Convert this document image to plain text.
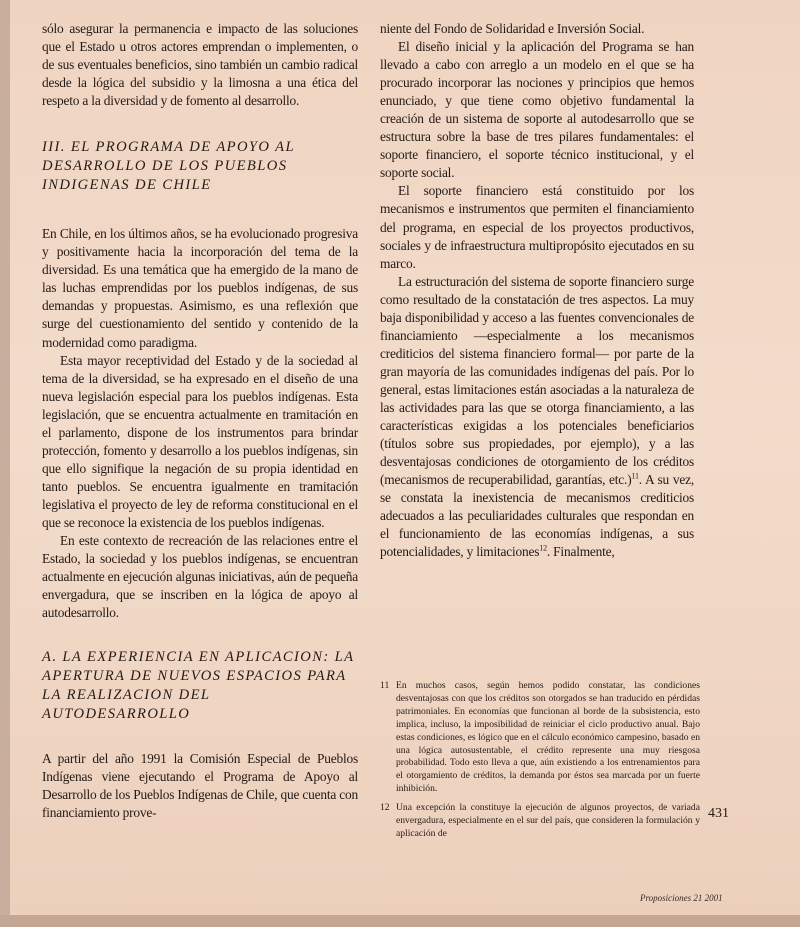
sólo asegurar la permanencia e impacto de las soluciones que el Estado u otros actores emprendan o implementen, o de sus eventuales beneficios, sino también un cambio radical desde la lógica del subsidio y la limosna a una ética del respeto a la diversidad y de fomento al desarrollo.

III. EL PROGRAMA DE APOYO AL DESARROLLO DE LOS PUEBLOS INDIGENAS DE CHILE

En Chile, en los últimos años, se ha evolucionado progresiva y positivamente hacia la incorporación del tema de la diversidad. Es una temática que ha emergido de la mano de las luchas emprendidas por los pueblos indígenas, de sus demandas y propuestas. Asimismo, es una reflexión que surge del cuestionamiento del sentido y contenido de la modernidad como paradigma.

Esta mayor receptividad del Estado y de la sociedad al tema de la diversidad, se ha expresado en el diseño de una nueva legislación especial para los pueblos indígenas. Esta legislación, que se encuentra actualmente en tramitación en el parlamento, dispone de los instrumentos para brindar protección, fomento y desarrollo a los pueblos indígenas, sin que ello signifique la negación de su propia identidad en tanto pueblos. Se encuentra igualmente en tramitación legislativa el proyecto de ley de reforma constitucional en el que se reconoce la existencia de los pueblos indígenas.

En este contexto de recreación de las relaciones entre el Estado, la sociedad y los pueblos indígenas, se encuentran actualmente en ejecución algunas iniciativas, aún de pequeña envergadura, que se inscriben en la lógica de apoyo al autodesarrollo.

A. LA EXPERIENCIA EN APLICACION: LA APERTURA DE NUEVOS ESPACIOS PARA LA REALIZACION DEL AUTODESARROLLO

A partir del año 1991 la Comisión Especial de Pueblos Indígenas viene ejecutando el Programa de Apoyo al Desarrollo de los Pueblos Indígenas de Chile, que cuenta con financiamiento prove-

niente del Fondo de Solidaridad e Inversión Social.

El diseño inicial y la aplicación del Programa se han llevado a cabo con arreglo a un modelo en el que se ha procurado incorporar las nociones y principios que hemos enunciado, y que tiene como objetivo fundamental la creación de un sistema de soporte al autodesarrollo que se estructura sobre la base de tres pilares fundamentales: el soporte financiero, el soporte técnico institucional, y el soporte social.

El soporte financiero está constituido por los mecanismos e instrumentos que permiten el financiamiento del programa, en especial de los proyectos productivos, sociales y de infraestructura multipropósito ejecutados en su marco.

La estructuración del sistema de soporte financiero surge como resultado de la constatación de tres aspectos. La muy baja disponibilidad y acceso a las fuentes convencionales de financiamiento —especialmente a los mecanismos crediticios del sistema financiero formal— por parte de la gran mayoría de las comunidades indígenas del país. Por lo general, estas limitaciones están asociadas a la naturaleza de las actividades para las que se otorga financiamiento, a las características exigidas a los potenciales beneficiarios (títulos sobre sus propiedades, por ejemplo), y a las desventajosas condiciones de otorgamiento de los créditos (mecanismos de recuperabilidad, garantías, etc.)$^{11}$. A su vez, se constata la inexistencia de mecanismos crediticios adecuados a las peculiaridades culturales que respondan en el funcionamiento de las economías indígenas, a sus potencialidades, y limitaciones$^{12}$. Finalmente,

11 En muchos casos, según hemos podido constatar, las condiciones desventajosas con que los créditos son otorgados se han traducido en pérdidas patrimoniales. En economías que funcionan al borde de la subsistencia, esto implica, incluso, la imposibilidad de reiniciar el ciclo productivo anual. Bajo estas condiciones, es lógico que en el cálculo económico campesino, basado en una lógica autosustentable, el crédito represente una muy riesgosa probabilidad. Todo esto lleva a que, aún existiendo a los entrenamientos para el otorgamiento de créditos, la demanda por éstos sea marcada por un fuerte inhibición.
12 Una excepción la constituye la ejecución de algunos proyectos, de variada envergadura, especialmente en el sur del país, que consideren la formulación y aplicación de
431
Proposiciones 21 2001
